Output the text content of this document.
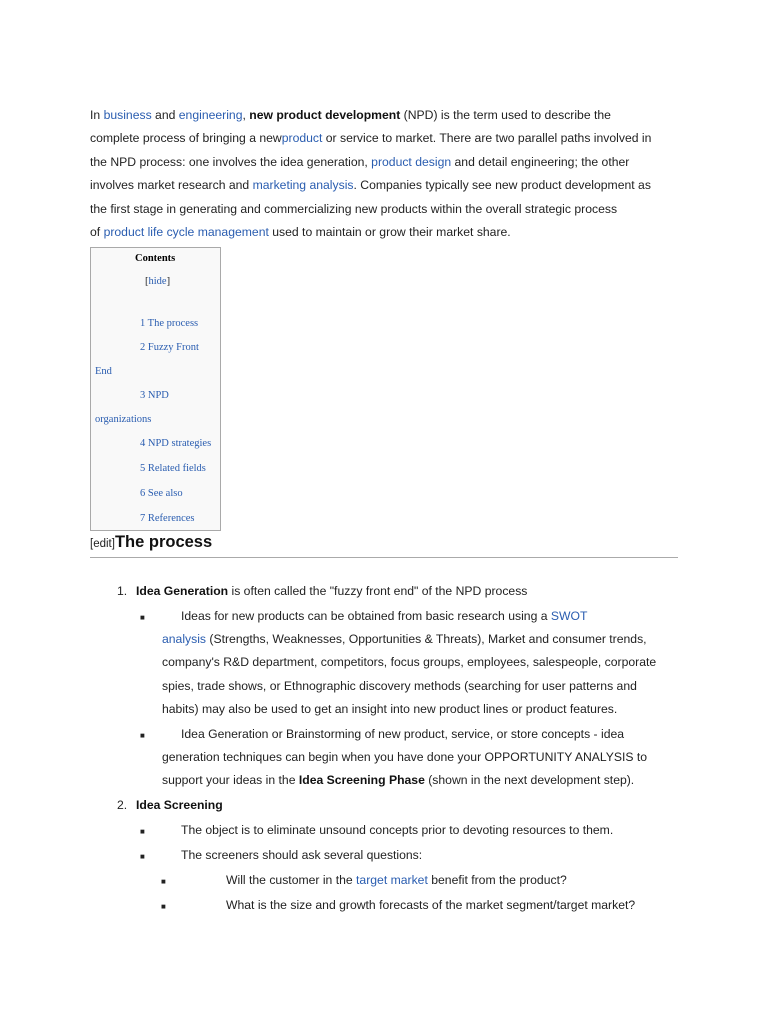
In business and engineering, new product development (NPD) is the term used to describe the
complete process of bringing a newproduct or service to market. There are two parallel paths involved in
the NPD process: one involves the idea generation, product design and detail engineering; the other
involves market research and marketing analysis. Companies typically see new product development as
the first stage in generating and commercializing new products within the overall strategic process
of product life cycle management used to maintain or grow their market share.
Contents
[hide]
1 The process
2 Fuzzy Front
End
3 NPD
organizations
4 NPD strategies
5 Related fields
6 See also
7 References
[edit]The process
1. Idea Generation is often called the "fuzzy front end" of the NPD process
■	Ideas for new products can be obtained from basic research using a SWOT
analysis (Strengths, Weaknesses, Opportunities & Threats), Market and consumer trends,
company's R&D department, competitors, focus groups, employees, salespeople, corporate
spies, trade shows, or Ethnographic discovery methods (searching for user patterns and
habits) may also be used to get an insight into new product lines or product features.
■	Idea Generation or Brainstorming of new product, service, or store concepts - idea
generation techniques can begin when you have done your OPPORTUNITY ANALYSIS to
support your ideas in the Idea Screening Phase (shown in the next development step).
2. Idea Screening
■	The object is to eliminate unsound concepts prior to devoting resources to them.
■	The screeners should ask several questions:
■	Will the customer in the target market benefit from the product?
■	What is the size and growth forecasts of the market segment/target market?
